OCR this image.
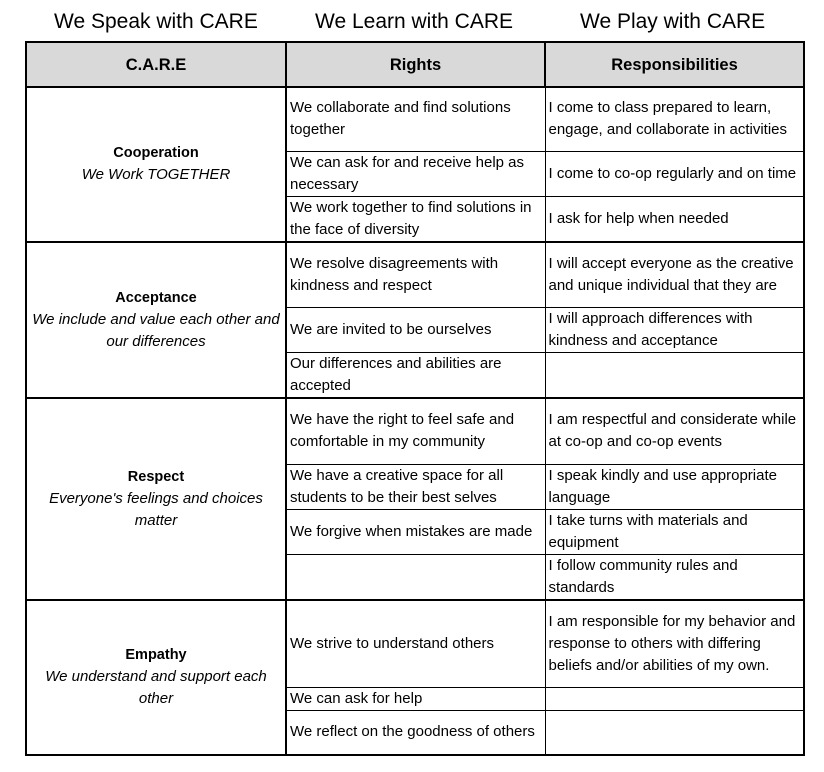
We Speak with CARE	We Learn with CARE	We Play with CARE
C.A.R.E	Rights	Responsibilities

Cooperation
We Work TOGETHER	We collaborate and find solutions together	I come to class prepared to learn, engage, and collaborate in activities
	We can ask for and receive help as necessary	I come to co-op regularly and on time
	We work together to find solutions in the face of diversity	I ask for help when needed

Acceptance
We include and value each other and our differences	We resolve disagreements with kindness and respect	I will accept everyone as the creative and unique individual that they are
	We are invited to be ourselves	I will approach differences with kindness and acceptance
	Our differences and abilities are accepted	

Respect
Everyone's feelings and choices matter	We have the right to feel safe and comfortable in my community	I am respectful and considerate while at co-op and co-op events
	We have a creative space for all students to be their best selves	I speak kindly and use appropriate language
	We forgive when mistakes are made	I take turns with materials and equipment
		I follow community rules and standards

Empathy
We understand and support each other	We strive to understand others	I am responsible for my behavior and response to others with differing beliefs and/or abilities of my own.
	We can ask for help	
	We reflect on the goodness of others	
